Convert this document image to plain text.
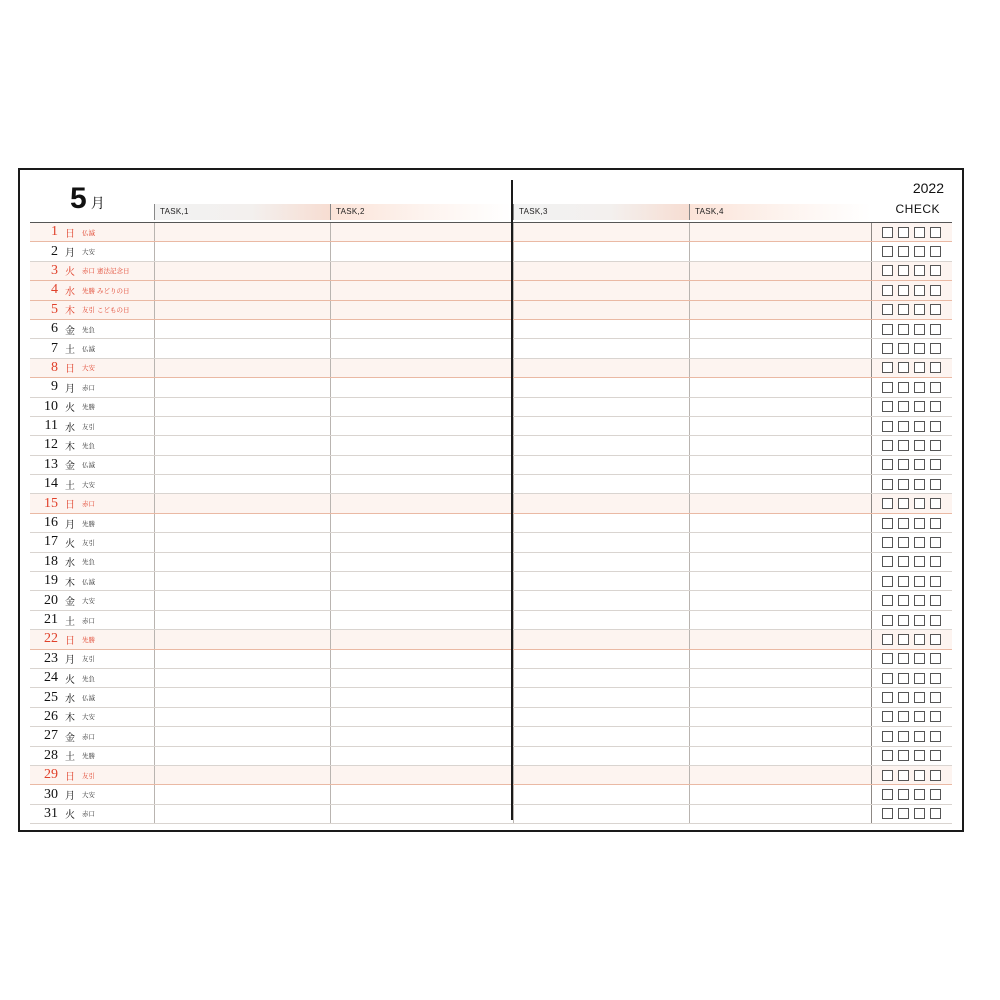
5 月
2022
CHECK
TASK,1	TASK,2	TASK,3	TASK,4
1 日	仏滅
2 月	大安
3 火	赤口 憲法記念日
4 水	先勝 みどりの日
5 木	友引 こどもの日
6 金	先負
7 土	仏滅
8 日	大安
9 月	赤口
10 火	先勝
11 水	友引
12 木	先負
13 金	仏滅
14 土	大安
15 日	赤口
16 月	先勝
17 火	友引
18 水	先負
19 木	仏滅
20 金	大安
21 土	赤口
22 日	先勝
23 月	友引
24 火	先負
25 水	仏滅
26 木	大安
27 金	赤口
28 土	先勝
29 日	友引
30 月	大安
31 火	赤口
